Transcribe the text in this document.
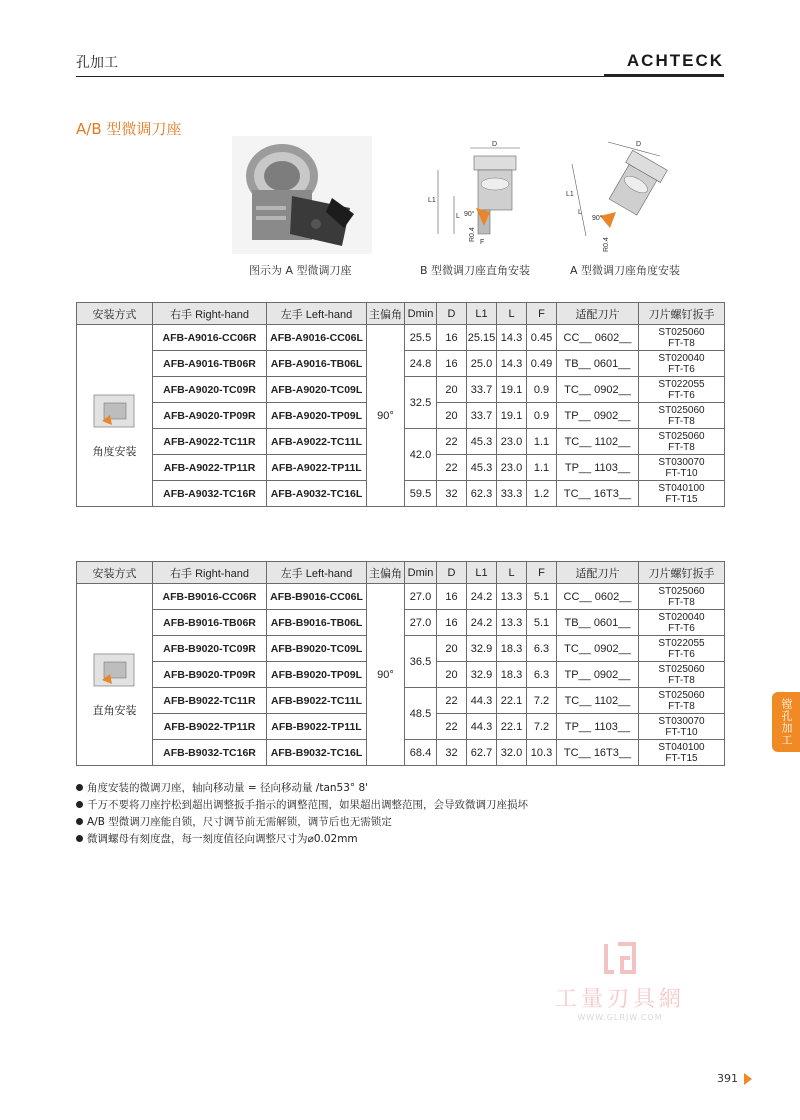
孔加工	ACHTECK
A/B 型微调刀座
图示为 A 型微调刀座
D
L1
L 90°
F
R0.4
B 型微调刀座直角安装
D
L1
L
90°
R0.4
A 型微调刀座角度安装
安装方式	右手 Right-hand	左手 Left-hand	主偏角	Dmin	D	L1	L	F	适配刀片	刀片螺钉扳手

角度安装	AFB-A9016-CC06R	AFB-A9016-CC06L	90°	25.5	16	25.15	14.3	0.45	CC__ 0602__	ST025060
FT-T8
	AFB-A9016-TB06R	AFB-A9016-TB06L		24.8	16	25.0	14.3	0.49	TB__ 0601__	ST020040
FT-T6
	AFB-A9020-TC09R	AFB-A9020-TC09L		32.5	20	33.7	19.1	0.9	TC__ 0902__	ST022055
FT-T6
	AFB-A9020-TP09R	AFB-A9020-TP09L			20	33.7	19.1	0.9	TP__ 0902__	ST025060
FT-T8
	AFB-A9022-TC11R	AFB-A9022-TC11L		42.0	22	45.3	23.0	1.1	TC__ 1102__	ST025060
FT-T8
	AFB-A9022-TP11R	AFB-A9022-TP11L			22	45.3	23.0	1.1	TP__ 1103__	ST030070
FT-T10
	AFB-A9032-TC16R	AFB-A9032-TC16L		59.5	32	62.3	33.3	1.2	TC__ 16T3__	ST040100
FT-T15
安装方式	右手 Right-hand	左手 Left-hand	主偏角	Dmin	D	L1	L	F	适配刀片	刀片螺钉扳手

直角安装	AFB-B9016-CC06R	AFB-B9016-CC06L	90°	27.0	16	24.2	13.3	5.1	CC__ 0602__	ST025060
FT-T8
	AFB-B9016-TB06R	AFB-B9016-TB06L		27.0	16	24.2	13.3	5.1	TB__ 0601__	ST020040
FT-T6
	AFB-B9020-TC09R	AFB-B9020-TC09L		36.5	20	32.9	18.3	6.3	TC__ 0902__	ST022055
FT-T6
	AFB-B9020-TP09R	AFB-B9020-TP09L			20	32.9	18.3	6.3	TP__ 0902__	ST025060
FT-T8
	AFB-B9022-TC11R	AFB-B9022-TC11L		48.5	22	44.3	22.1	7.2	TC__ 1102__	ST025060
FT-T8
	AFB-B9022-TP11R	AFB-B9022-TP11L			22	44.3	22.1	7.2	TP__ 1103__	ST030070
FT-T10
	AFB-B9032-TC16R	AFB-B9032-TC16L		68.4	32	62.7	32.0	10.3	TC__ 16T3__	ST040100
FT-T15
角度安装的微调刀座，轴向移动量 = 径向移动量 /tan53° 8'
千万不要将刀座拧松到超出调整扳手指示的调整范围，如果超出调整范围，会导致微调刀座损坏
A/B 型微调刀座能自锁，尺寸调节前无需解锁，调节后也无需锁定
微调螺母有刻度盘，每一刻度值径向调整尺寸为⌀0.02mm
镗孔加工
工量刃具網
WWW.GLRJW.COM
391
